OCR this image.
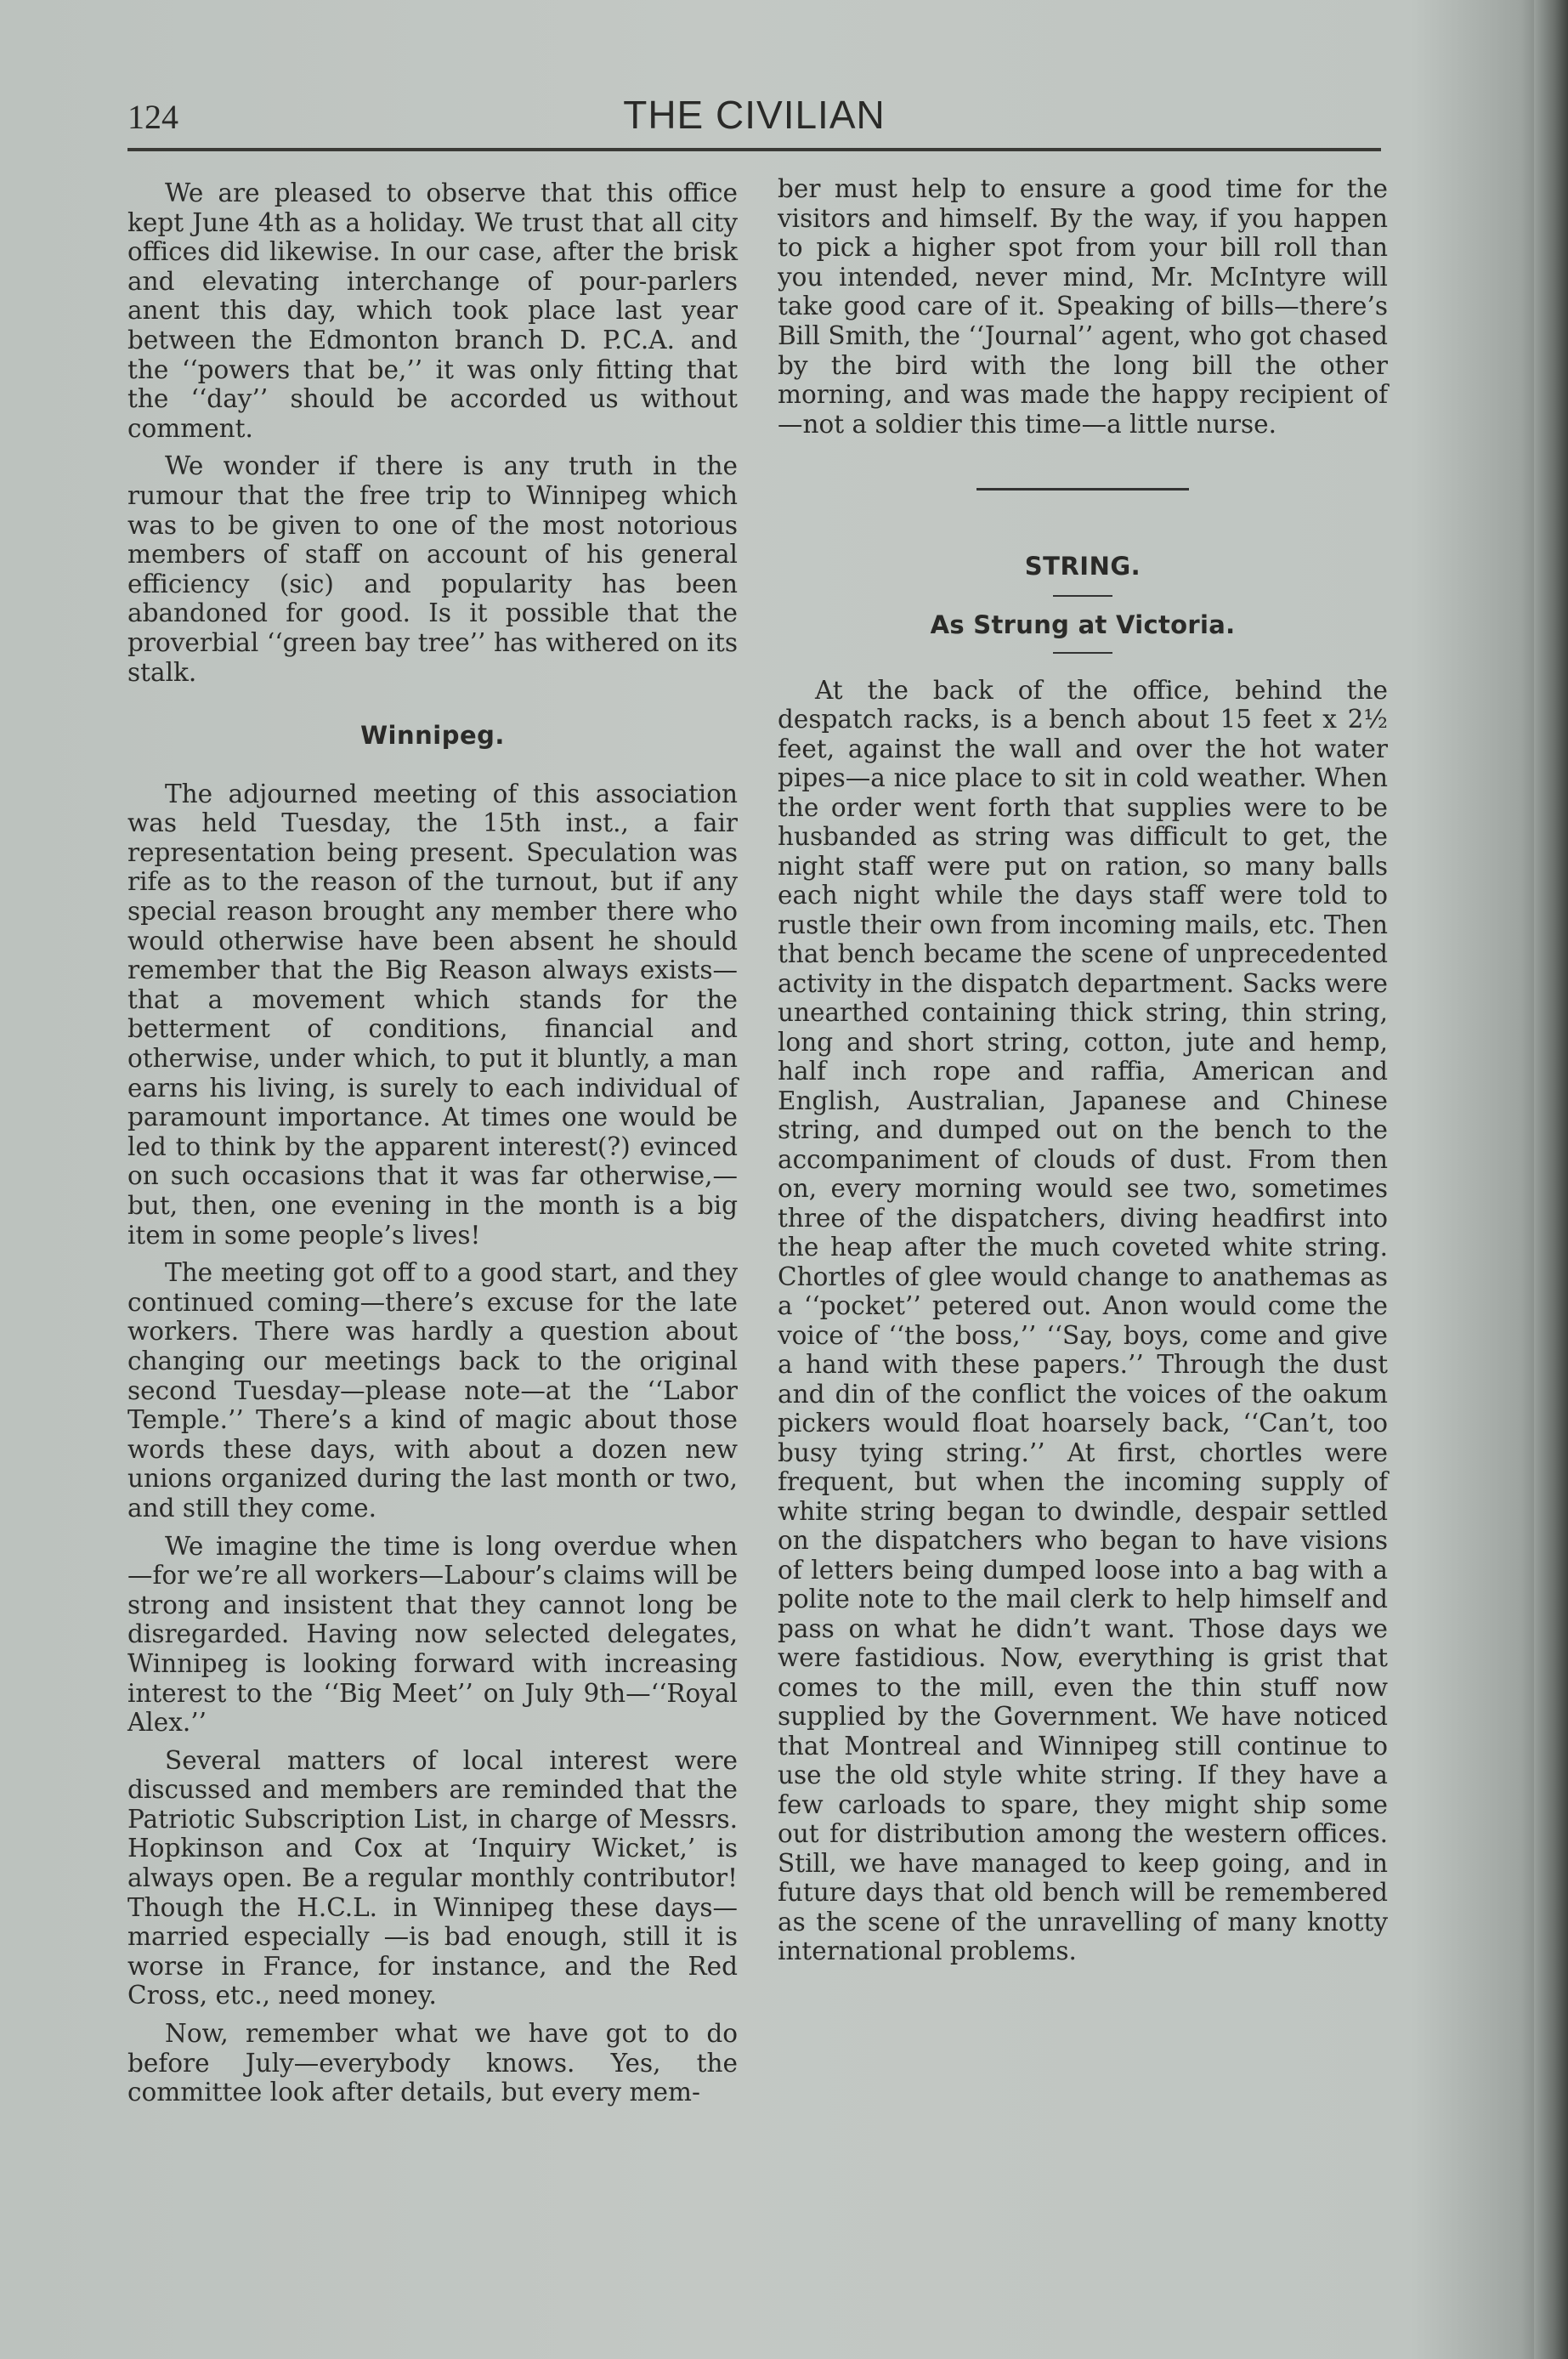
124	THE CIVILIAN

We are pleased to observe that this office kept June 4th as a holiday. We trust that all city offices did likewise. In our case, after the brisk and elevating interchange of pour-parlers anent this day, which took place last year between the Edmonton branch D. P.C.A. and the ‘‘powers that be,’’ it was only fitting that the ‘‘day’’ should be accorded us without comment.

We wonder if there is any truth in the rumour that the free trip to Winnipeg which was to be given to one of the most notorious members of staff on account of his general efficiency (sic) and popularity has been abandoned for good. Is it possible that the proverbial ‘‘green bay tree’’ has withered on its stalk.

Winnipeg.

The adjourned meeting of this association was held Tuesday, the 15th inst., a fair representation being present. Speculation was rife as to the reason of the turnout, but if any special reason brought any member there who would otherwise have been absent he should remember that the Big Reason always exists—that a movement which stands for the betterment of conditions, financial and otherwise, under which, to put it bluntly, a man earns his living, is surely to each individual of paramount importance. At times one would be led to think by the apparent interest(?) evinced on such occasions that it was far otherwise,—but, then, one evening in the month is a big item in some people’s lives!

The meeting got off to a good start, and they continued coming—there’s excuse for the late workers. There was hardly a question about changing our meetings back to the original second Tuesday—please note—at the ‘‘Labor Temple.’’ There’s a kind of magic about those words these days, with about a dozen new unions organized during the last month or two, and still they come.

We imagine the time is long overdue when —for we’re all workers—Labour’s claims will be strong and insistent that they cannot long be disregarded. Having now selected delegates, Winnipeg is looking forward with increasing interest to the ‘‘Big Meet’’ on July 9th—‘‘Royal Alex.’’

Several matters of local interest were discussed and members are reminded that the Patriotic Subscription List, in charge of Messrs. Hopkinson and Cox at ‘Inquiry Wicket,’ is always open. Be a regular monthly contributor! Though the H.C.L. in Winnipeg these days—married especially —is bad enough, still it is worse in France, for instance, and the Red Cross, etc., need money.

Now, remember what we have got to do before July—everybody knows. Yes, the committee look after details, but every mem-

ber must help to ensure a good time for the visitors and himself. By the way, if you happen to pick a higher spot from your bill roll than you intended, never mind, Mr. McIntyre will take good care of it. Speaking of bills—there’s Bill Smith, the ‘‘Journal’’ agent, who got chased by the bird with the long bill the other morning, and was made the happy recipient of—not a soldier this time—a little nurse.

STRING.
As Strung at Victoria.

At the back of the office, behind the despatch racks, is a bench about 15 feet x 2½ feet, against the wall and over the hot water pipes—a nice place to sit in cold weather. When the order went forth that supplies were to be husbanded as string was difficult to get, the night staff were put on ration, so many balls each night while the days staff were told to rustle their own from incoming mails, etc. Then that bench became the scene of unprecedented activity in the dispatch department. Sacks were unearthed containing thick string, thin string, long and short string, cotton, jute and hemp, half inch rope and raffia, American and English, Australian, Japanese and Chinese string, and dumped out on the bench to the accompaniment of clouds of dust. From then on, every morning would see two, sometimes three of the dispatchers, diving headfirst into the heap after the much coveted white string. Chortles of glee would change to anathemas as a ‘‘pocket’’ petered out. Anon would come the voice of ‘‘the boss,’’ ‘‘Say, boys, come and give a hand with these papers.’’ Through the dust and din of the conflict the voices of the oakum pickers would float hoarsely back, ‘‘Can’t, too busy tying string.’’ At first, chortles were frequent, but when the incoming supply of white string began to dwindle, despair settled on the dispatchers who began to have visions of letters being dumped loose into a bag with a polite note to the mail clerk to help himself and pass on what he didn’t want. Those days we were fastidious. Now, everything is grist that comes to the mill, even the thin stuff now supplied by the Government. We have noticed that Montreal and Winnipeg still continue to use the old style white string. If they have a few carloads to spare, they might ship some out for distribution among the western offices. Still, we have managed to keep going, and in future days that old bench will be remembered as the scene of the unravelling of many knotty international problems.
